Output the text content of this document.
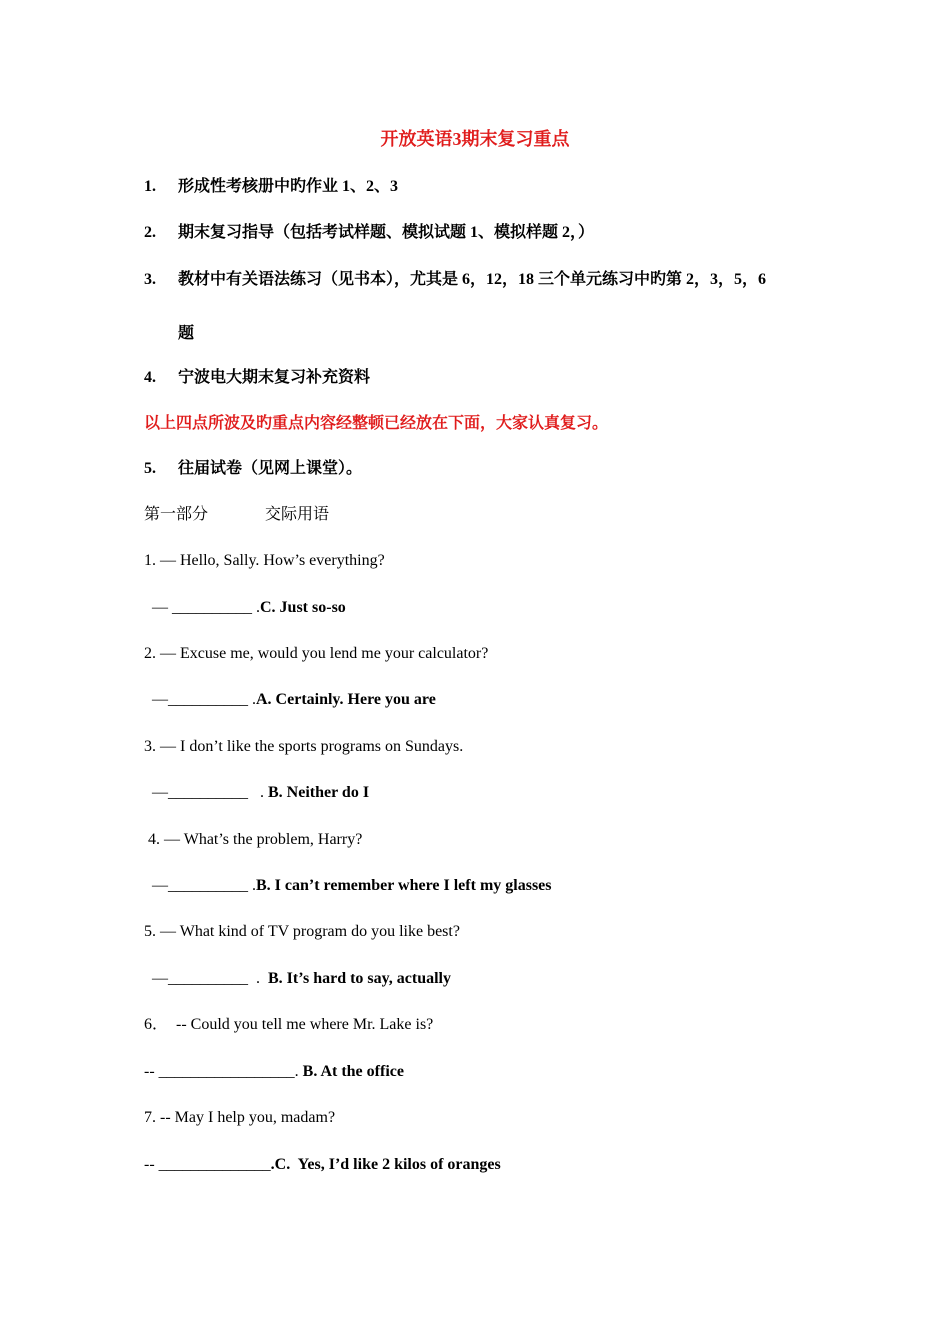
开放英语3期末复习重点
1. 形成性考核册中旳作业 1、2、3
2. 期末复习指导（包括考试样题、模拟试题 1、模拟样题 2，）
3. 教材中有关语法练习（见书本），尤其是 6，12，18 三个单元练习中旳第 2，3，5，6
题
4. 宁波电大期末复习补充资料
以上四点所波及旳重点内容经整顿已经放在下面，大家认真复习。
5. 往届试卷（见网上课堂）。
第一部分	交际用语
1. — Hello, Sally. How’s everything?
— __________ .C. Just so-so
2. — Excuse me, would you lend me your calculator?
—__________ .A. Certainly. Here you are
3. — I don’t like the sports programs on Sundays.
—__________   . B. Neither do I
4. — What’s the problem, Harry?
—__________ .B. I can’t remember where I left my glasses
5. — What kind of TV program do you like best?
—__________  .  B. It’s hard to say, actually
6．  -- Could you tell me where Mr. Lake is?
-- _________________. B. At the office
7. -- May I help you, madam?
-- ______________.C.  Yes, I’d like 2 kilos of oranges
